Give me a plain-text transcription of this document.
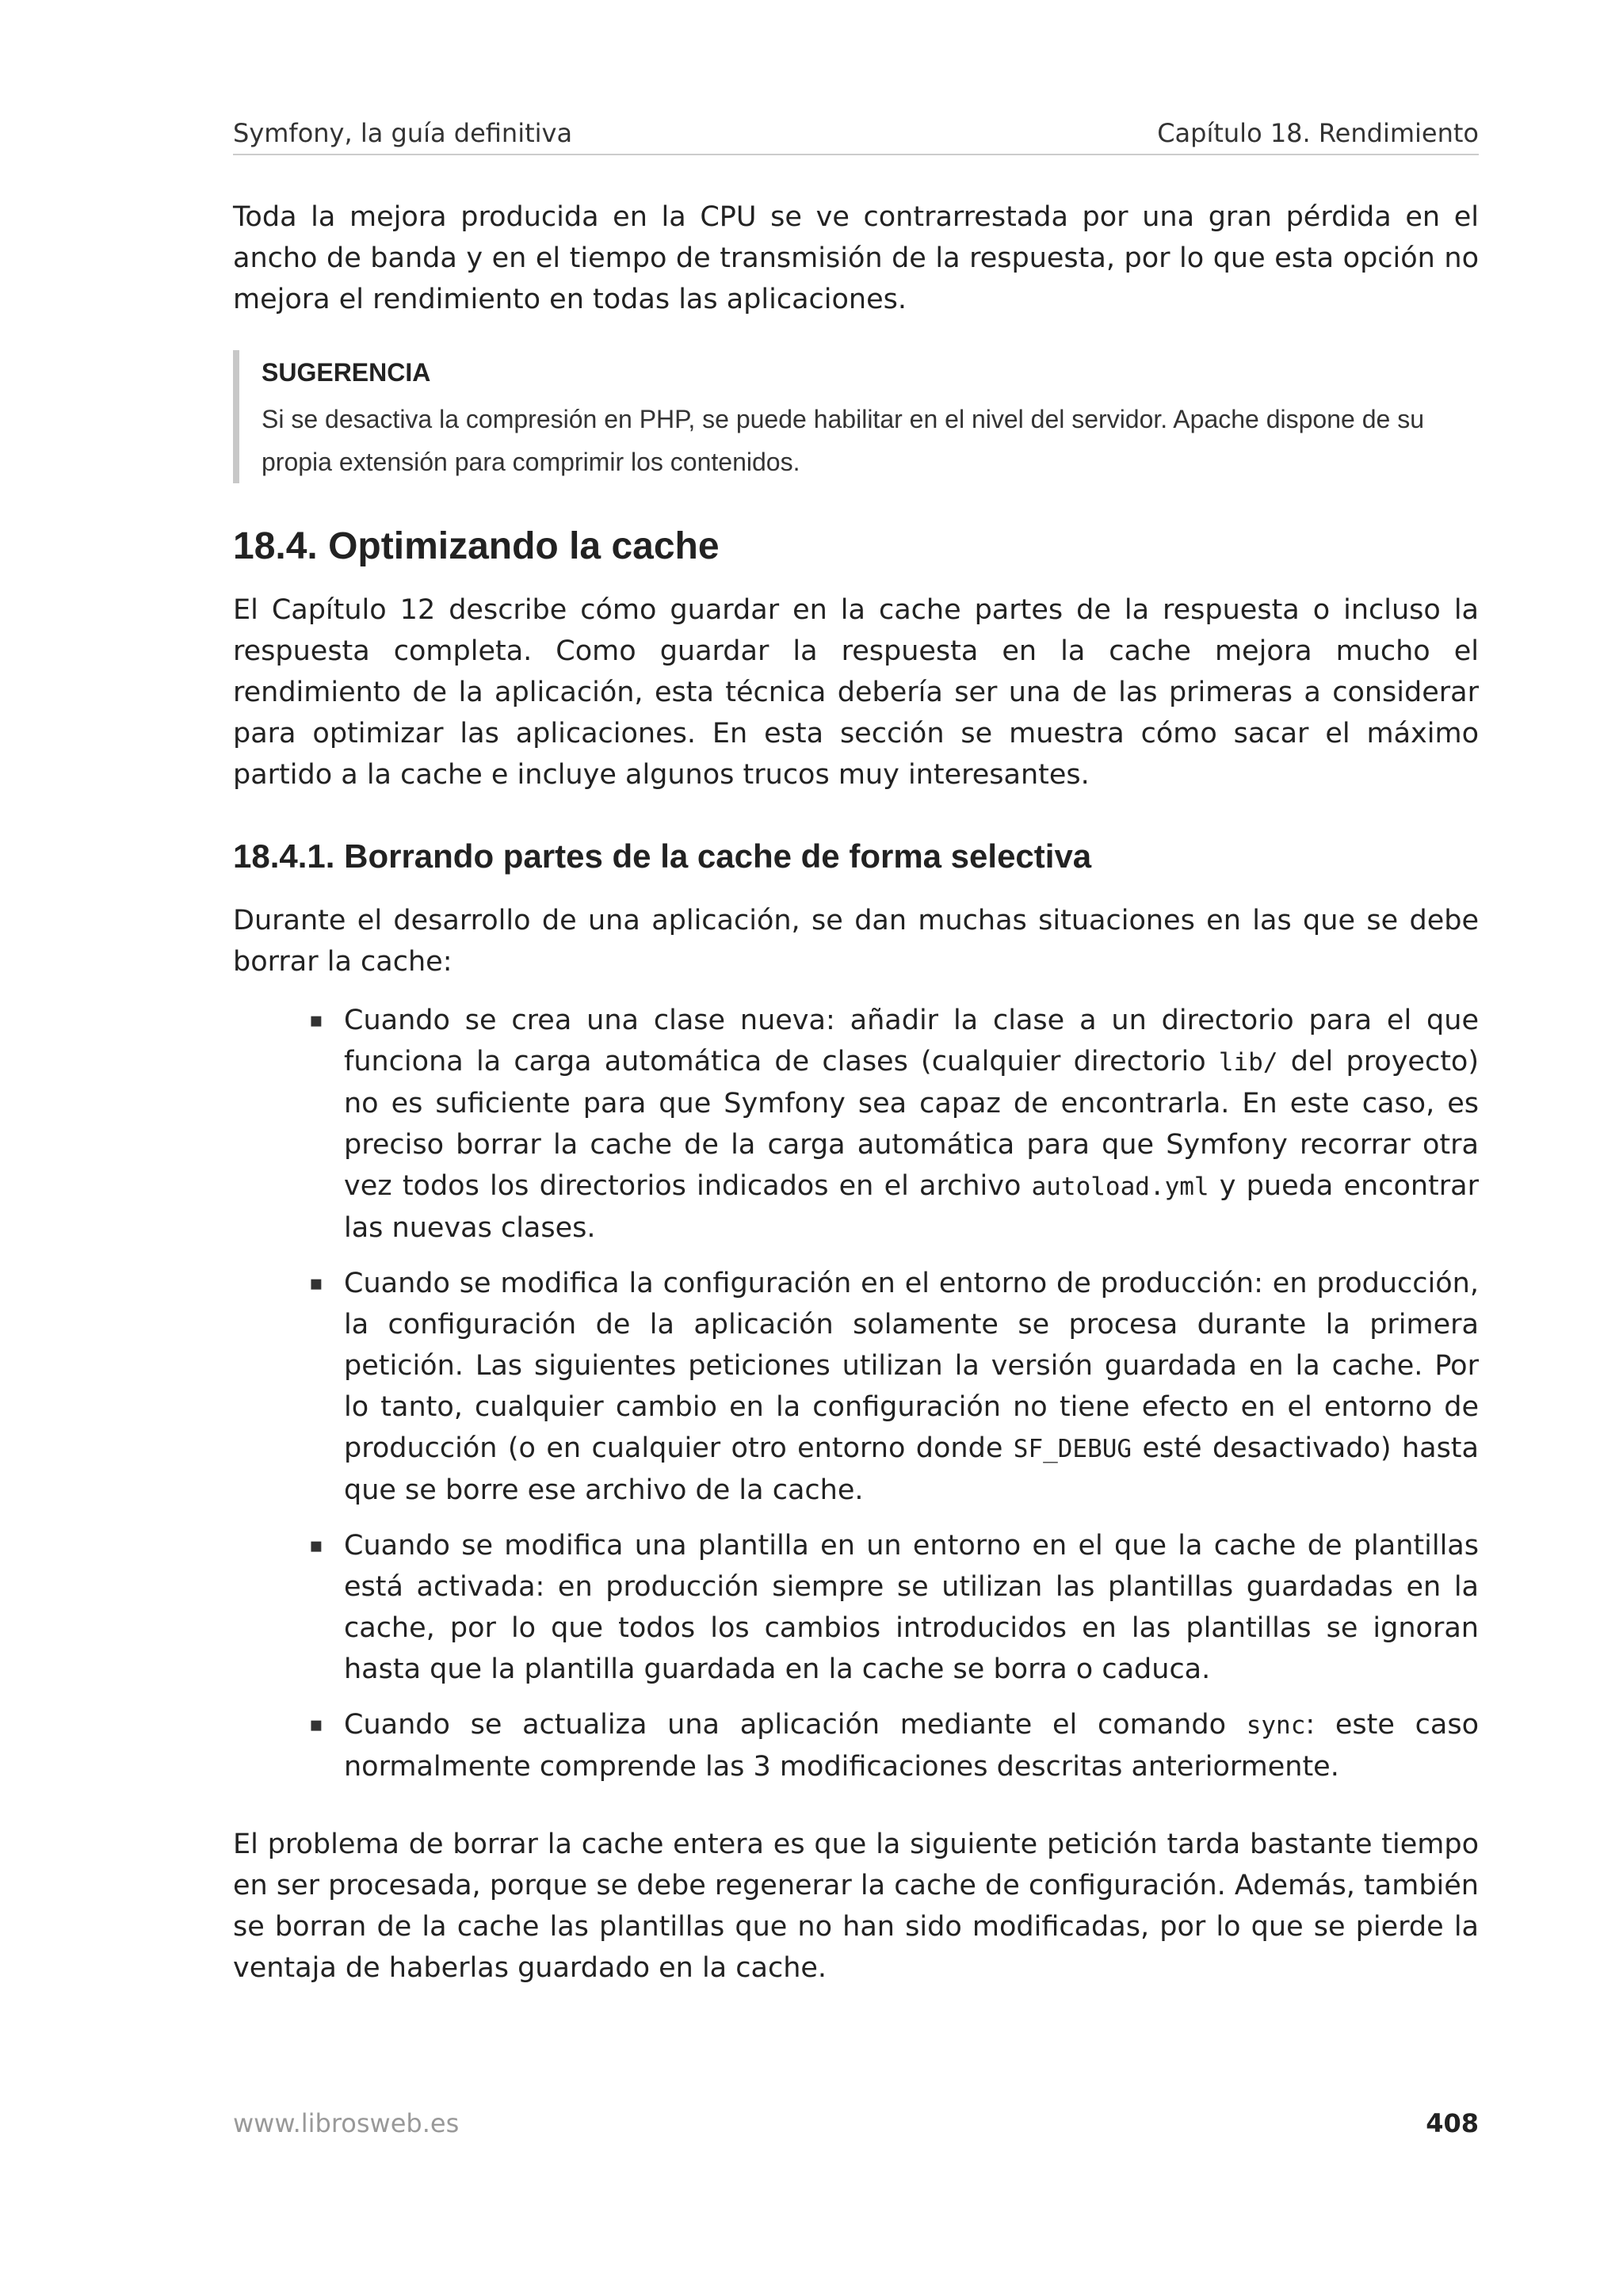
Symfony, la guía definitiva	Capítulo 18. Rendimiento

Toda la mejora producida en la CPU se ve contrarrestada por una gran pérdida en el ancho de banda y en el tiempo de transmisión de la respuesta, por lo que esta opción no mejora el rendimiento en todas las aplicaciones.

SUGERENCIA
Si se desactiva la compresión en PHP, se puede habilitar en el nivel del servidor. Apache dispone de su propia extensión para comprimir los contenidos.
18.4. Optimizando la cache

El Capítulo 12 describe cómo guardar en la cache partes de la respuesta o incluso la respuesta completa. Como guardar la respuesta en la cache mejora mucho el rendimiento de la aplicación, esta técnica debería ser una de las primeras a considerar para optimizar las aplicaciones. En esta sección se muestra cómo sacar el máximo partido a la cache e incluye algunos trucos muy interesantes.

18.4.1. Borrando partes de la cache de forma selectiva

Durante el desarrollo de una aplicación, se dan muchas situaciones en las que se debe borrar la cache:

▪ Cuando se crea una clase nueva: añadir la clase a un directorio para el que funciona la carga automática de clases (cualquier directorio lib/ del proyecto) no es suficiente para que Symfony sea capaz de encontrarla. En este caso, es preciso borrar la cache de la carga automática para que Symfony recorrar otra vez todos los directorios indicados en el archivo autoload.yml y pueda encontrar las nuevas clases.
▪ Cuando se modifica la configuración en el entorno de producción: en producción, la configuración de la aplicación solamente se procesa durante la primera petición. Las siguientes peticiones utilizan la versión guardada en la cache. Por lo tanto, cualquier cambio en la configuración no tiene efecto en el entorno de producción (o en cualquier otro entorno donde SF_DEBUG esté desactivado) hasta que se borre ese archivo de la cache.
▪ Cuando se modifica una plantilla en un entorno en el que la cache de plantillas está activada: en producción siempre se utilizan las plantillas guardadas en la cache, por lo que todos los cambios introducidos en las plantillas se ignoran hasta que la plantilla guardada en la cache se borra o caduca.
▪ Cuando se actualiza una aplicación mediante el comando sync: este caso normalmente comprende las 3 modificaciones descritas anteriormente.

El problema de borrar la cache entera es que la siguiente petición tarda bastante tiempo en ser procesada, porque se debe regenerar la cache de configuración. Además, también se borran de la cache las plantillas que no han sido modificadas, por lo que se pierde la ventaja de haberlas guardado en la cache.

www.librosweb.es	408
